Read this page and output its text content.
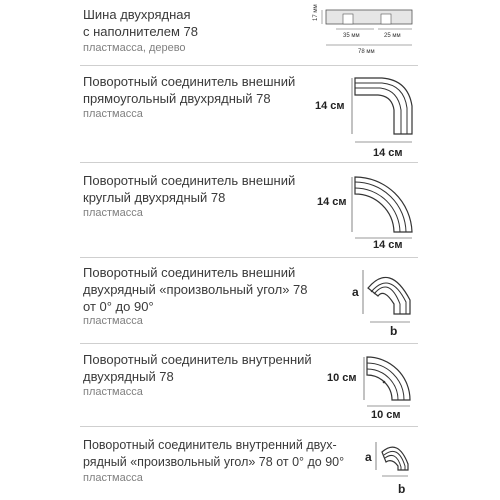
Шина двухрядная
с наполнителем 78
пластмасса, дерево
17 мм
35 мм	25 мм
78 мм
Поворотный соединитель внешний
прямоугольный двухрядный 78
пластмасса
14 см
14 см
Поворотный соединитель внешний
круглый двухрядный 78
пластмасса
14 см
14 см
Поворотный соединитель внешний
двухрядный «произвольный угол» 78
от 0° до 90°
пластмасса
a
b
Поворотный соединитель внутренний
двухрядный 78
пластмасса
10 см
10 см
Поворотный соединитель внутренний двух-
рядный «произвольный угол» 78 от 0° до 90°
пластмасса
a
b
